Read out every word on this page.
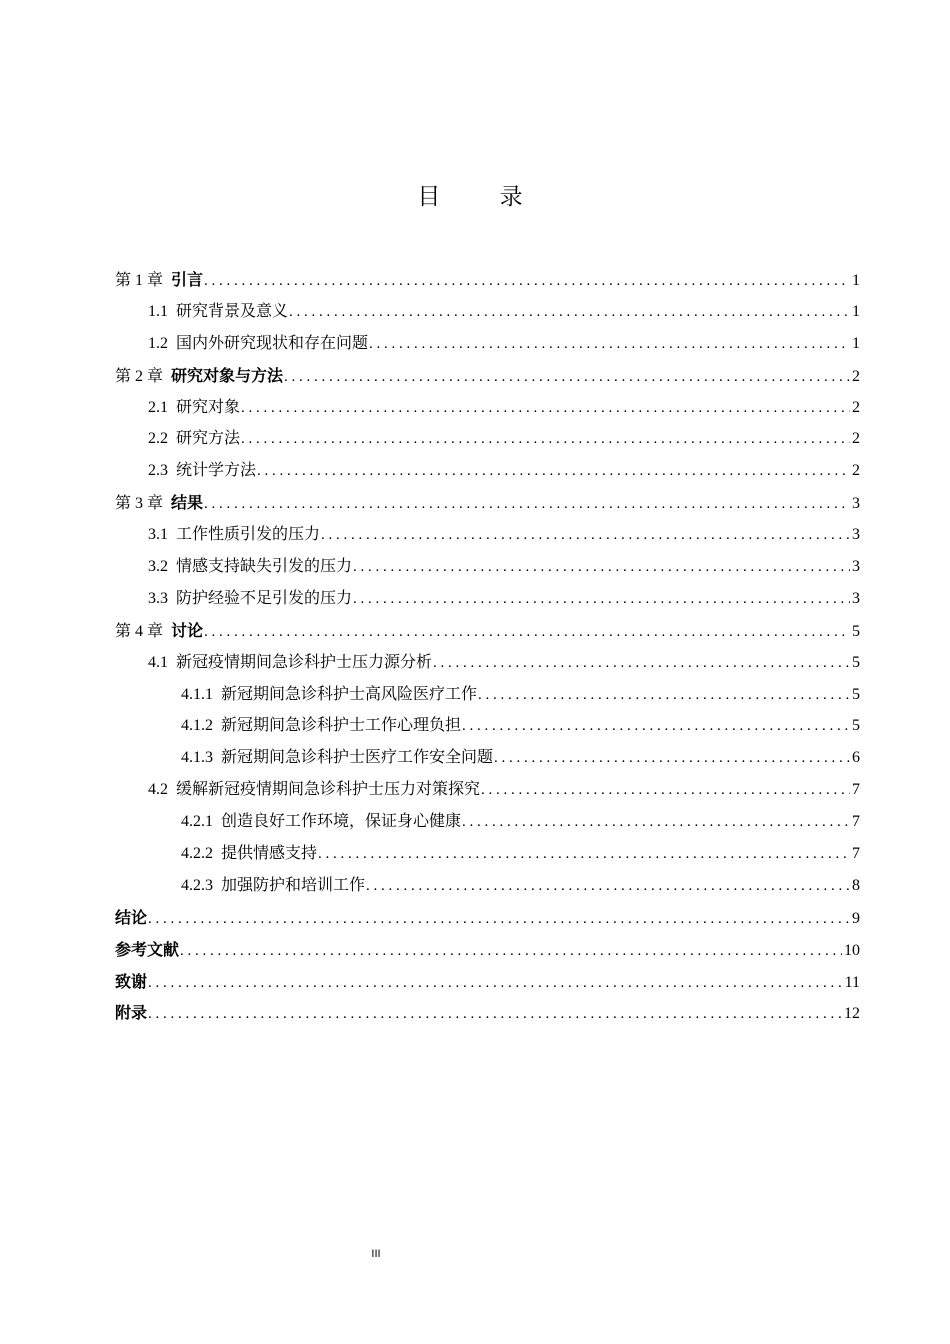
目 录
第 1 章 引言 . . .	1
1.1 研究背景及意义 . . .	1
1.2 国内外研究现状和存在问题 . . .	1
第 2 章 研究对象与方法 . . .	2
2.1 研究对象 . . .	2
2.2 研究方法 . . .	2
2.3 统计学方法 . . .	2
第 3 章 结果 . . .	3
3.1 工作性质引发的压力 . . .	3
3.2 情感支持缺失引发的压力 . . .	3
3.3 防护经验不足引发的压力 . . .	3
第 4 章 讨论 . . .	5
4.1 新冠疫情期间急诊科护士压力源分析 . . .	5
4.1.1 新冠期间急诊科护士高风险医疗工作 . . .	5
4.1.2 新冠期间急诊科护士工作心理负担 . . .	5
4.1.3 新冠期间急诊科护士医疗工作安全问题 . . .	6
4.2 缓解新冠疫情期间急诊科护士压力对策探究 . . .	7
4.2.1 创造良好工作环境，保证身心健康 . . .	7
4.2.2 提供情感支持 . . .	7
4.2.3 加强防护和培训工作 . . .	8
结论 . . .	9
参考文献 . . .	10
致谢 . . .	11
附录 . . .	12
III
